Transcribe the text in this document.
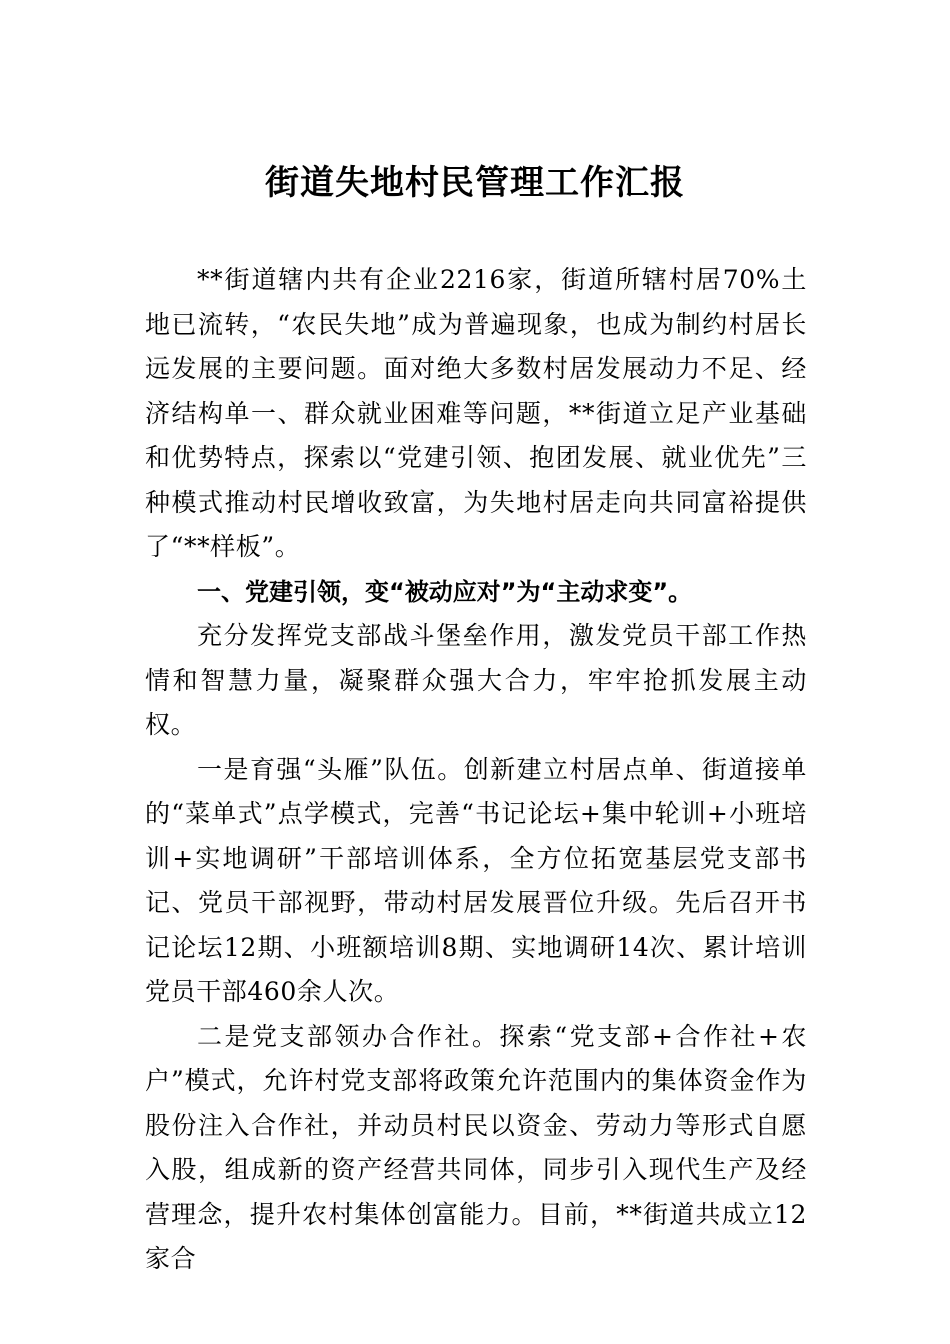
街道失地村民管理工作汇报

**街道辖内共有企业2216家，街道所辖村居70%土地已流转，“农民失地”成为普遍现象，也成为制约村居长远发展的主要问题。面对绝大多数村居发展动力不足、经济结构单一、群众就业困难等问题，**街道立足产业基础和优势特点，探索以“党建引领、抱团发展、就业优先”三种模式推动村民增收致富，为失地村居走向共同富裕提供了“**样板”。

一、党建引领，变“被动应对”为“主动求变”。

充分发挥党支部战斗堡垒作用，激发党员干部工作热情和智慧力量，凝聚群众强大合力，牢牢抢抓发展主动权。

一是育强“头雁”队伍。创新建立村居点单、街道接单的“菜单式”点学模式，完善“书记论坛+集中轮训+小班培训+实地调研”干部培训体系，全方位拓宽基层党支部书记、党员干部视野，带动村居发展晋位升级。先后召开书记论坛12期、小班额培训8期、实地调研14次、累计培训党员干部460余人次。

二是党支部领办合作社。探索“党支部+合作社+农户”模式，允许村党支部将政策允许范围内的集体资金作为股份注入合作社，并动员村民以资金、劳动力等形式自愿入股，组成新的资产经营共同体，同步引入现代生产及经营理念，提升农村集体创富能力。目前，**街道共成立12家合
